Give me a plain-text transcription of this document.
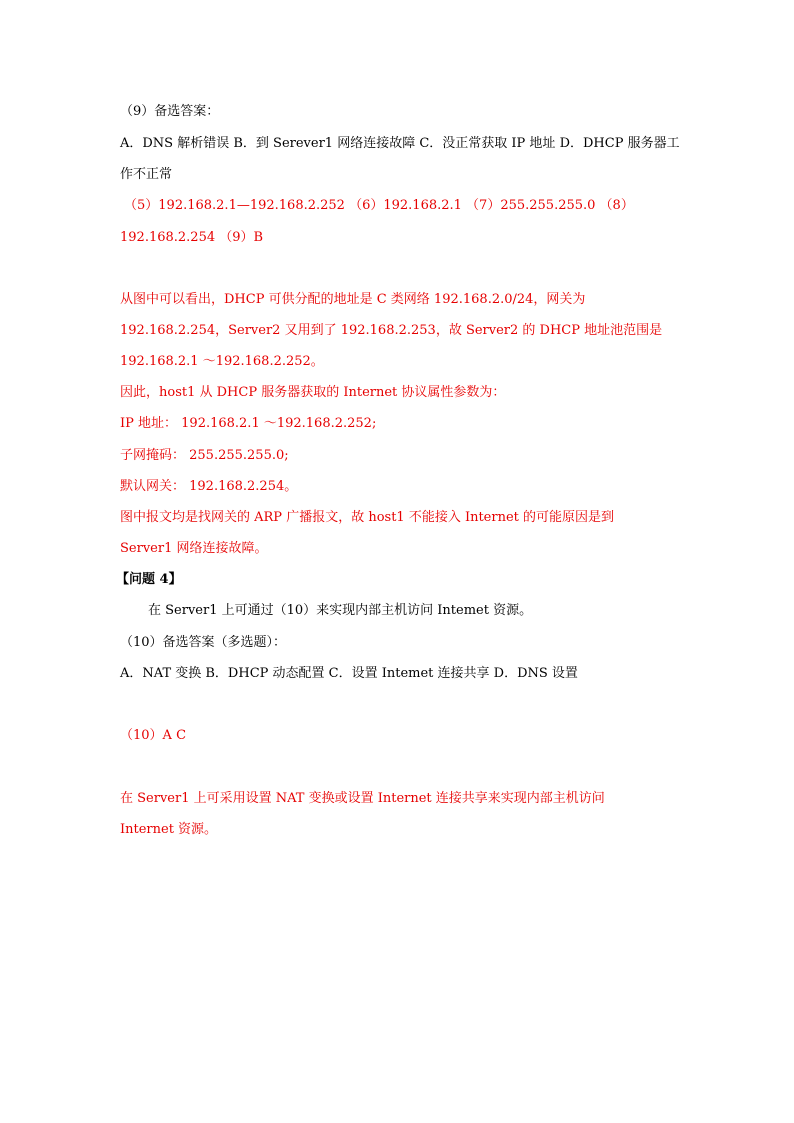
（9）备选答案：
A．DNS 解析错误 B．到 Serever1 网络连接故障 C．没正常获取 IP 地址 D．DHCP 服务器工
作不正常
（5）192.168.2.1—192.168.2.252 （6）192.168.2.1 （7）255.255.255.0 （8）
192.168.2.254 （9）B
从图中可以看出，DHCP 可供分配的地址是 C 类网络 192.168.2.0/24，网关为
192.168.2.254，Server2 又用到了 192.168.2.253，故 Server2 的 DHCP 地址池范围是
192.168.2.1 ～192.168.2.252。
因此，host1 从 DHCP 服务器获取的 Internet 协议属性参数为：
IP 地址： 192.168.2.1 ～192.168.2.252;
子网掩码： 255.255.255.0;
默认网关： 192.168.2.254。
图中报文均是找网关的 ARP 广播报文，故 host1 不能接入 Internet 的可能原因是到
Server1 网络连接故障。
【问题 4】
在 Server1 上可通过（10）来实现内部主机访问 Intemet 资源。
（10）备选答案（多选题）：
A．NAT 变换 B．DHCP 动态配置 C．设置 Intemet 连接共享 D．DNS 设置
（10）A C
在 Server1 上可采用设置 NAT 变换或设置 Internet 连接共享来实现内部主机访问
Internet 资源。
